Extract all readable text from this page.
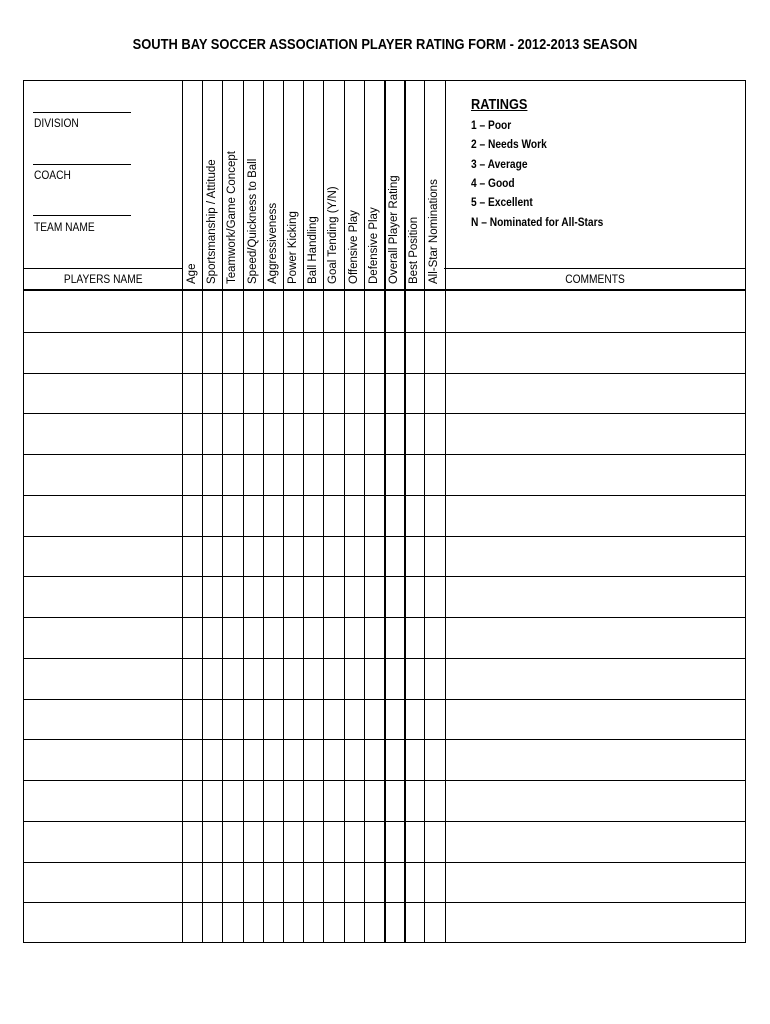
SOUTH BAY SOCCER ASSOCIATION PLAYER RATING FORM - 2012-2013 SEASON
DIVISION
COACH
TEAM NAME
RATINGS
1 – Poor
2 – Needs Work
3 – Average
4 – Good
5 – Excellent
N – Nominated for All-Stars
PLAYERS NAME	COMMENTS
Age Sportsmanship / Attitude Teamwork/Game Concept Speed/Quickness to Ball Aggressiveness Power Kicking Ball Handling Goal Tending (Y/N) Offensive Play Defensive Play Overall Player Rating Best Position All-Star Nominations
